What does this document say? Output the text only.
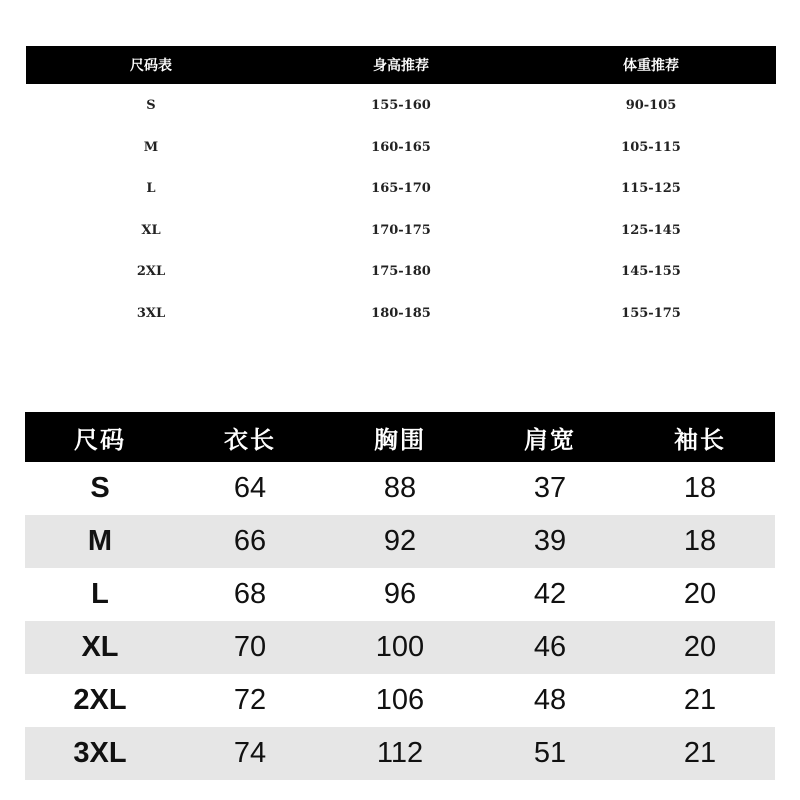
尺码表	身高推荐	体重推荐
S	155-160	90-105
M	160-165	105-115
L	165-170	115-125
XL	170-175	125-145
2XL	175-180	145-155
3XL	180-185	155-175
尺码	衣长	胸围	肩宽	袖长
S	64	88	37	18
M	66	92	39	18
L	68	96	42	20
XL	70	100	46	20
2XL	72	106	48	21
3XL	74	112	51	21
